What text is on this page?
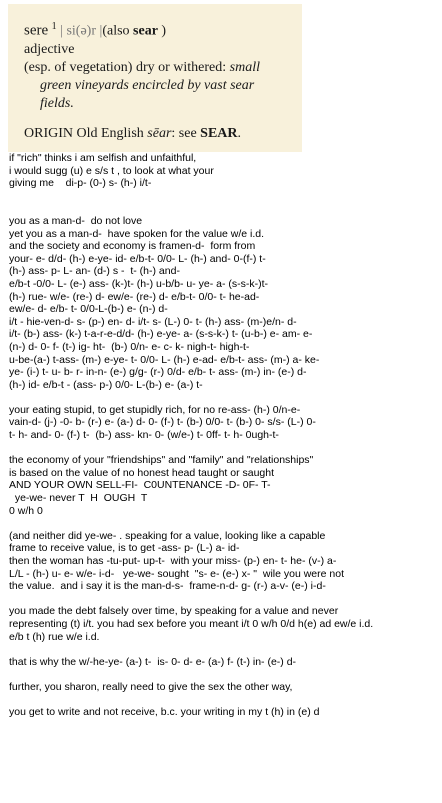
sere $^1$ | si(ə)r |(also sear )
adjective
(esp. of vegetation) dry or withered: small
green vineyards encircled by vast sear
fields.
ORIGIN Old English sēar: see SEAR.
if "rich" thinks i am selfish and unfaithful,
i would sugg (u) e s/s t , to look at what your
giving me    di-p- (0-) s- (h-) i/t-
you as a man-d-  do not love
yet you as a man-d-  have spoken for the value w/e i.d.
and the society and economy is framen-d-  form from
your- e- d/d- (h-) e-ye- id- e/b-t- 0/0- L- (h-) and- 0-(f-) t-
(h-) ass- p- L- an- (d-) s -  t- (h-) and-
e/b-t -0/0- L- (e-) ass- (k-)t- (h-) u-b/b- u- ye- a- (s-s-k-)t-
(h-) rue- w/e- (re-) d- ew/e- (re-) d- e/b-t- 0/0- t- he-ad-
ew/e- d- e/b- t- 0/0-L-(b-) e- (n-) d-
i/t - hie-ven-d- s- (p-) en- d- i/t- s- (L-) 0- t- (h-) ass- (m-)e/n- d-
i/t- (b-) ass- (k-) t-a-r-e-d/d- (h-) e-ye- a- (s-s-k-) t- (u-b-) e- am- e-
(n-) d- 0- f- (t-) ig- ht-  (b-) 0/n- e- c- k- nigh-t- high-t-
u-be-(a-) t-ass- (m-) e-ye- t- 0/0- L- (h-) e-ad- e/b-t- ass- (m-) a- ke-
ye- (i-) t- u- b- r- in-n- (e-) g/g- (r-) 0/d- e/b- t- ass- (m-) in- (e-) d-
(h-) id- e/b-t - (ass- p-) 0/0- L-(b-) e- (a-) t-
your eating stupid, to get stupidly rich, for no re-ass- (h-) 0/n-e-
vain-d- (j-) -0- b- (r-) e- (a-) d- 0- (f-) t- (b-) 0/0- t- (b-) 0- s/s- (L-) 0-
t- h- and- 0- (f-) t-  (b-) ass- kn- 0- (w/e-) t- 0ff- t- h- 0ugh-t-
the economy of your "friendships" and "family" and "relationships"
is based on the value of no honest head taught or saught
AND YOUR OWN SELL-FI-  C0UNTENANCE -D- 0F- T-
ye-we- never T  H  OUGH  T
0 w/h 0
(and neither did ye-we- . speaking for a value, looking like a capable
frame to receive value, is to get -ass- p- (L-) a- id-
then the woman has -tu-put- up-t-  with your miss- (p-) en- t- he- (v-) a-
L/L - (h-) u- e- w/e- i-d-   ye-we- sought  "s- e- (e-) x- "  wile you were not
the value.  and i say it is the man-d-s-  frame-n-d- g- (r-) a-v- (e-) i-d-
you made the debt falsely over time, by speaking for a value and never
representing (t) i/t. you had sex before you meant i/t 0 w/h 0/d h(e) ad ew/e i.d.
e/b t (h) rue w/e i.d.
that is why the w/-he-ye- (a-) t-  is- 0- d- e- (a-) f- (t-) in- (e-) d-
further, you sharon, really need to give the sex the other way,
you get to write and not receive, b.c. your writing in my t (h) in (e) d
